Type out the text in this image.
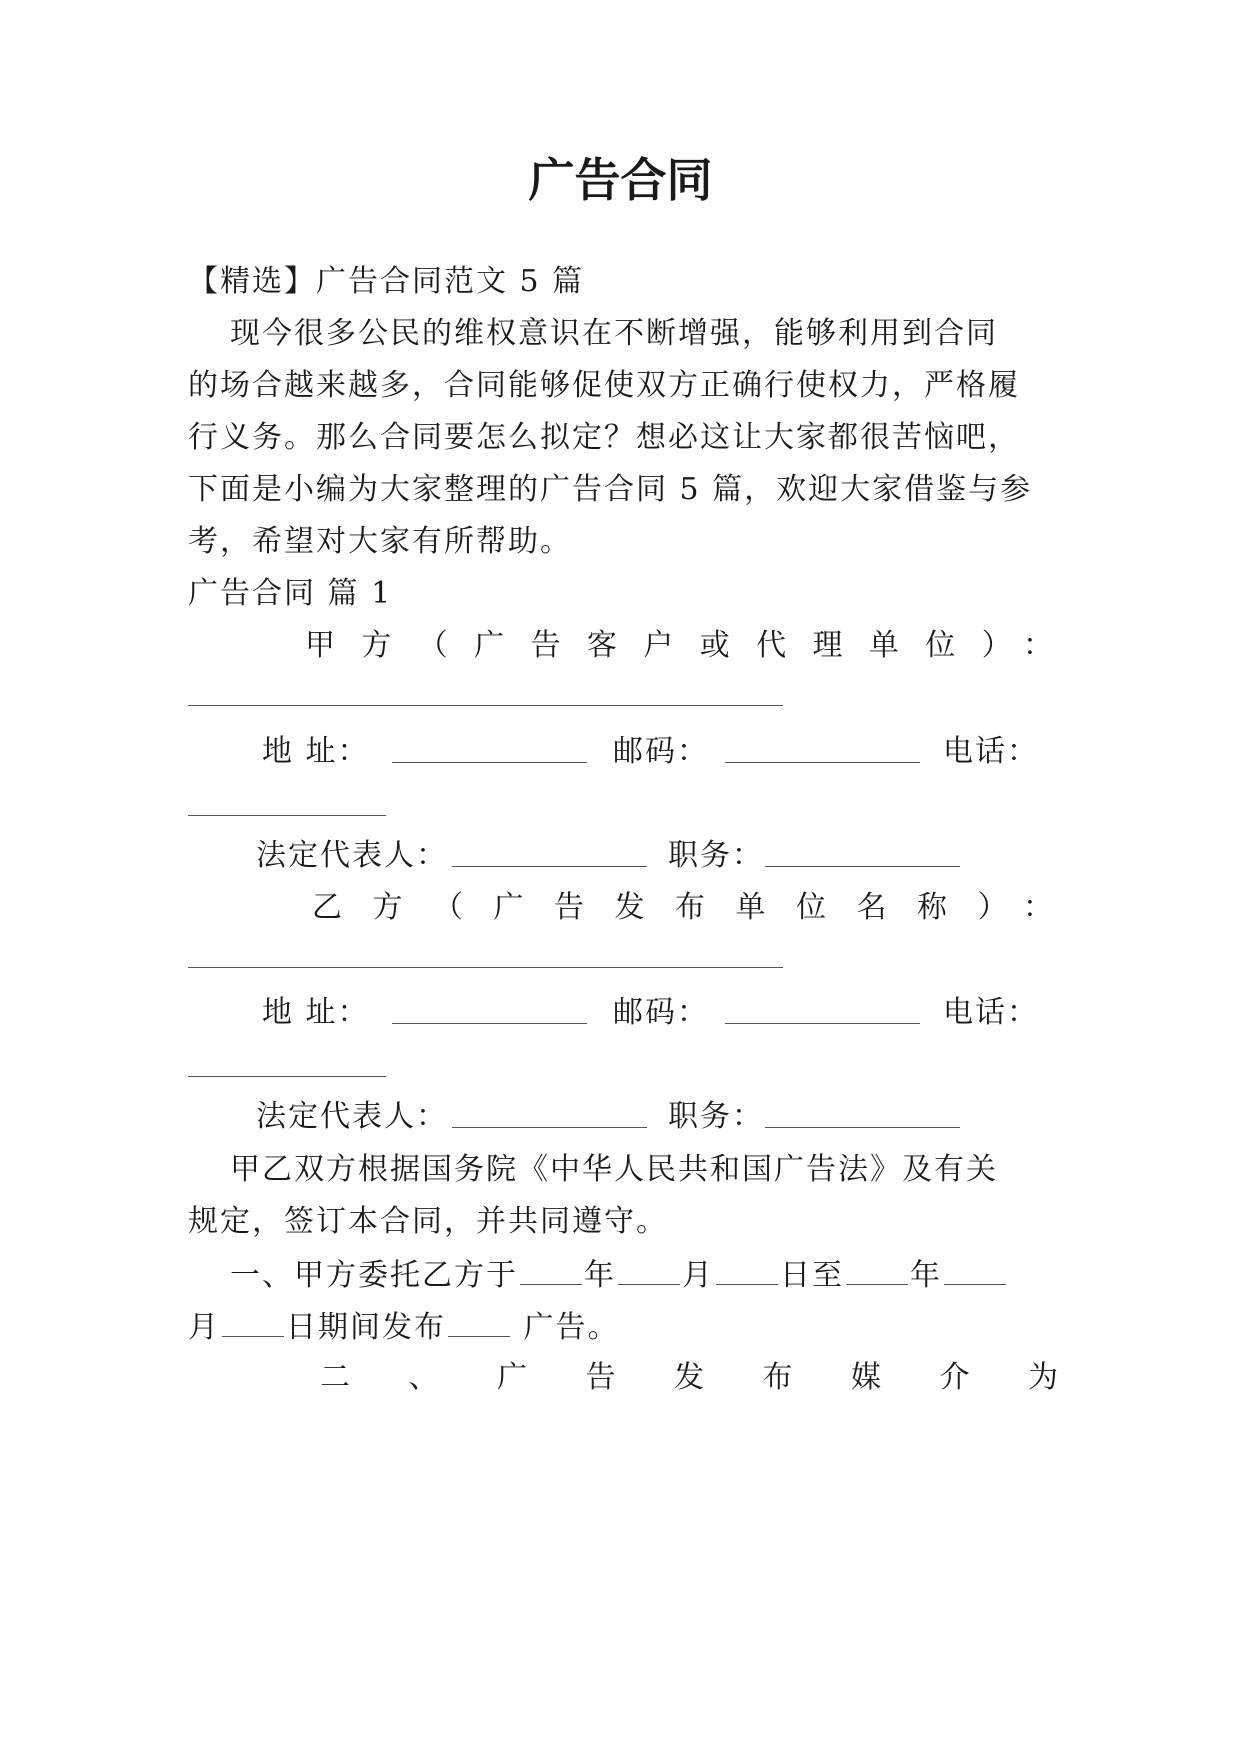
广告合同
【精选】广告合同范文 5 篇
现今很多公民的维权意识在不断增强，能够利用到合同
的场合越来越多，合同能够促使双方正确行使权力，严格履
行义务。那么合同要怎么拟定？想必这让大家都很苦恼吧，
下面是小编为大家整理的广告合同 5 篇，欢迎大家借鉴与参
考，希望对大家有所帮助。
广告合同 篇 1
甲方（广告客户或代理单位）：
地 址：	邮码：	电话：
法定代表人：	职务：
乙方（广告发布单位名称）：
地 址：	邮码：	电话：
法定代表人：	职务：
甲乙双方根据国务院《中华人民共和国广告法》及有关
规定，签订本合同，并共同遵守。
一、甲方委托乙方于 年 月 日至 年
月 日期间发布	广告。
二、广告发布媒介为
